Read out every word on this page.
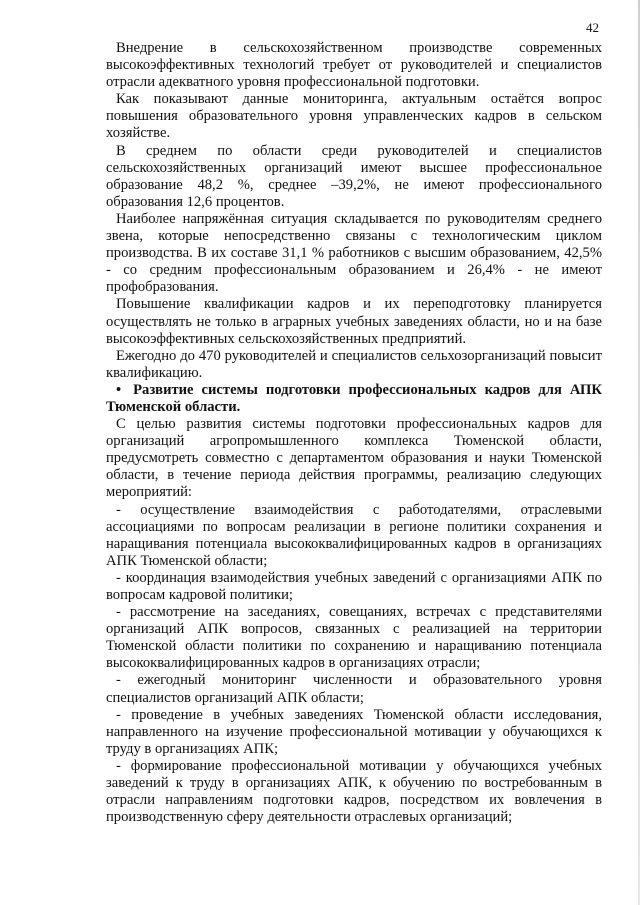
42

Внедрение в сельскохозяйственном производстве современных высокоэффективных технологий требует от руководителей и специалистов отрасли адекватного уровня профессиональной подготовки.

Как показывают данные мониторинга, актуальным остаётся вопрос повышения образовательного уровня управленческих кадров в сельском хозяйстве.

В среднем по области среди руководителей и специалистов сельскохозяйственных организаций имеют высшее профессиональное образование 48,2 %, среднее –39,2%, не имеют профессионального образования 12,6 процентов.

Наиболее напряжённая ситуация складывается по руководителям среднего звена, которые непосредственно связаны с технологическим циклом производства. В их составе 31,1 % работников с высшим образованием, 42,5% - со средним профессиональным образованием и 26,4% - не имеют профобразования.

Повышение квалификации кадров и их переподготовку планируется осуществлять не только в аграрных учебных заведениях области, но и на базе высокоэффективных сельскохозяйственных предприятий.

Ежегодно до 470 руководителей и специалистов сельхозорганизаций повысит квалификацию.

• Развитие системы подготовки профессиональных кадров для АПК Тюменской области.

С целью развития системы подготовки профессиональных кадров для организаций агропромышленного комплекса Тюменской области, предусмотреть совместно с департаментом образования и науки Тюменской области, в течение периода действия программы, реализацию следующих мероприятий:

- осуществление взаимодействия с работодателями, отраслевыми ассоциациями по вопросам реализации в регионе политики сохранения и наращивания потенциала высококвалифицированных кадров в организациях АПК Тюменской области;

- координация взаимодействия учебных заведений с организациями АПК по вопросам кадровой политики;

- рассмотрение на заседаниях, совещаниях, встречах с представителями организаций АПК вопросов, связанных с реализацией на территории Тюменской области политики по сохранению и наращиванию потенциала высококвалифицированных кадров в организациях отрасли;

- ежегодный мониторинг численности и образовательного уровня специалистов организаций АПК области;

- проведение в учебных заведениях Тюменской области исследования, направленного на изучение профессиональной мотивации у обучающихся к труду в организациях АПК;

- формирование профессиональной мотивации у обучающихся учебных заведений к труду в организациях АПК, к обучению по востребованным в отрасли направлениям подготовки кадров, посредством их вовлечения в производственную сферу деятельности отраслевых организаций;
